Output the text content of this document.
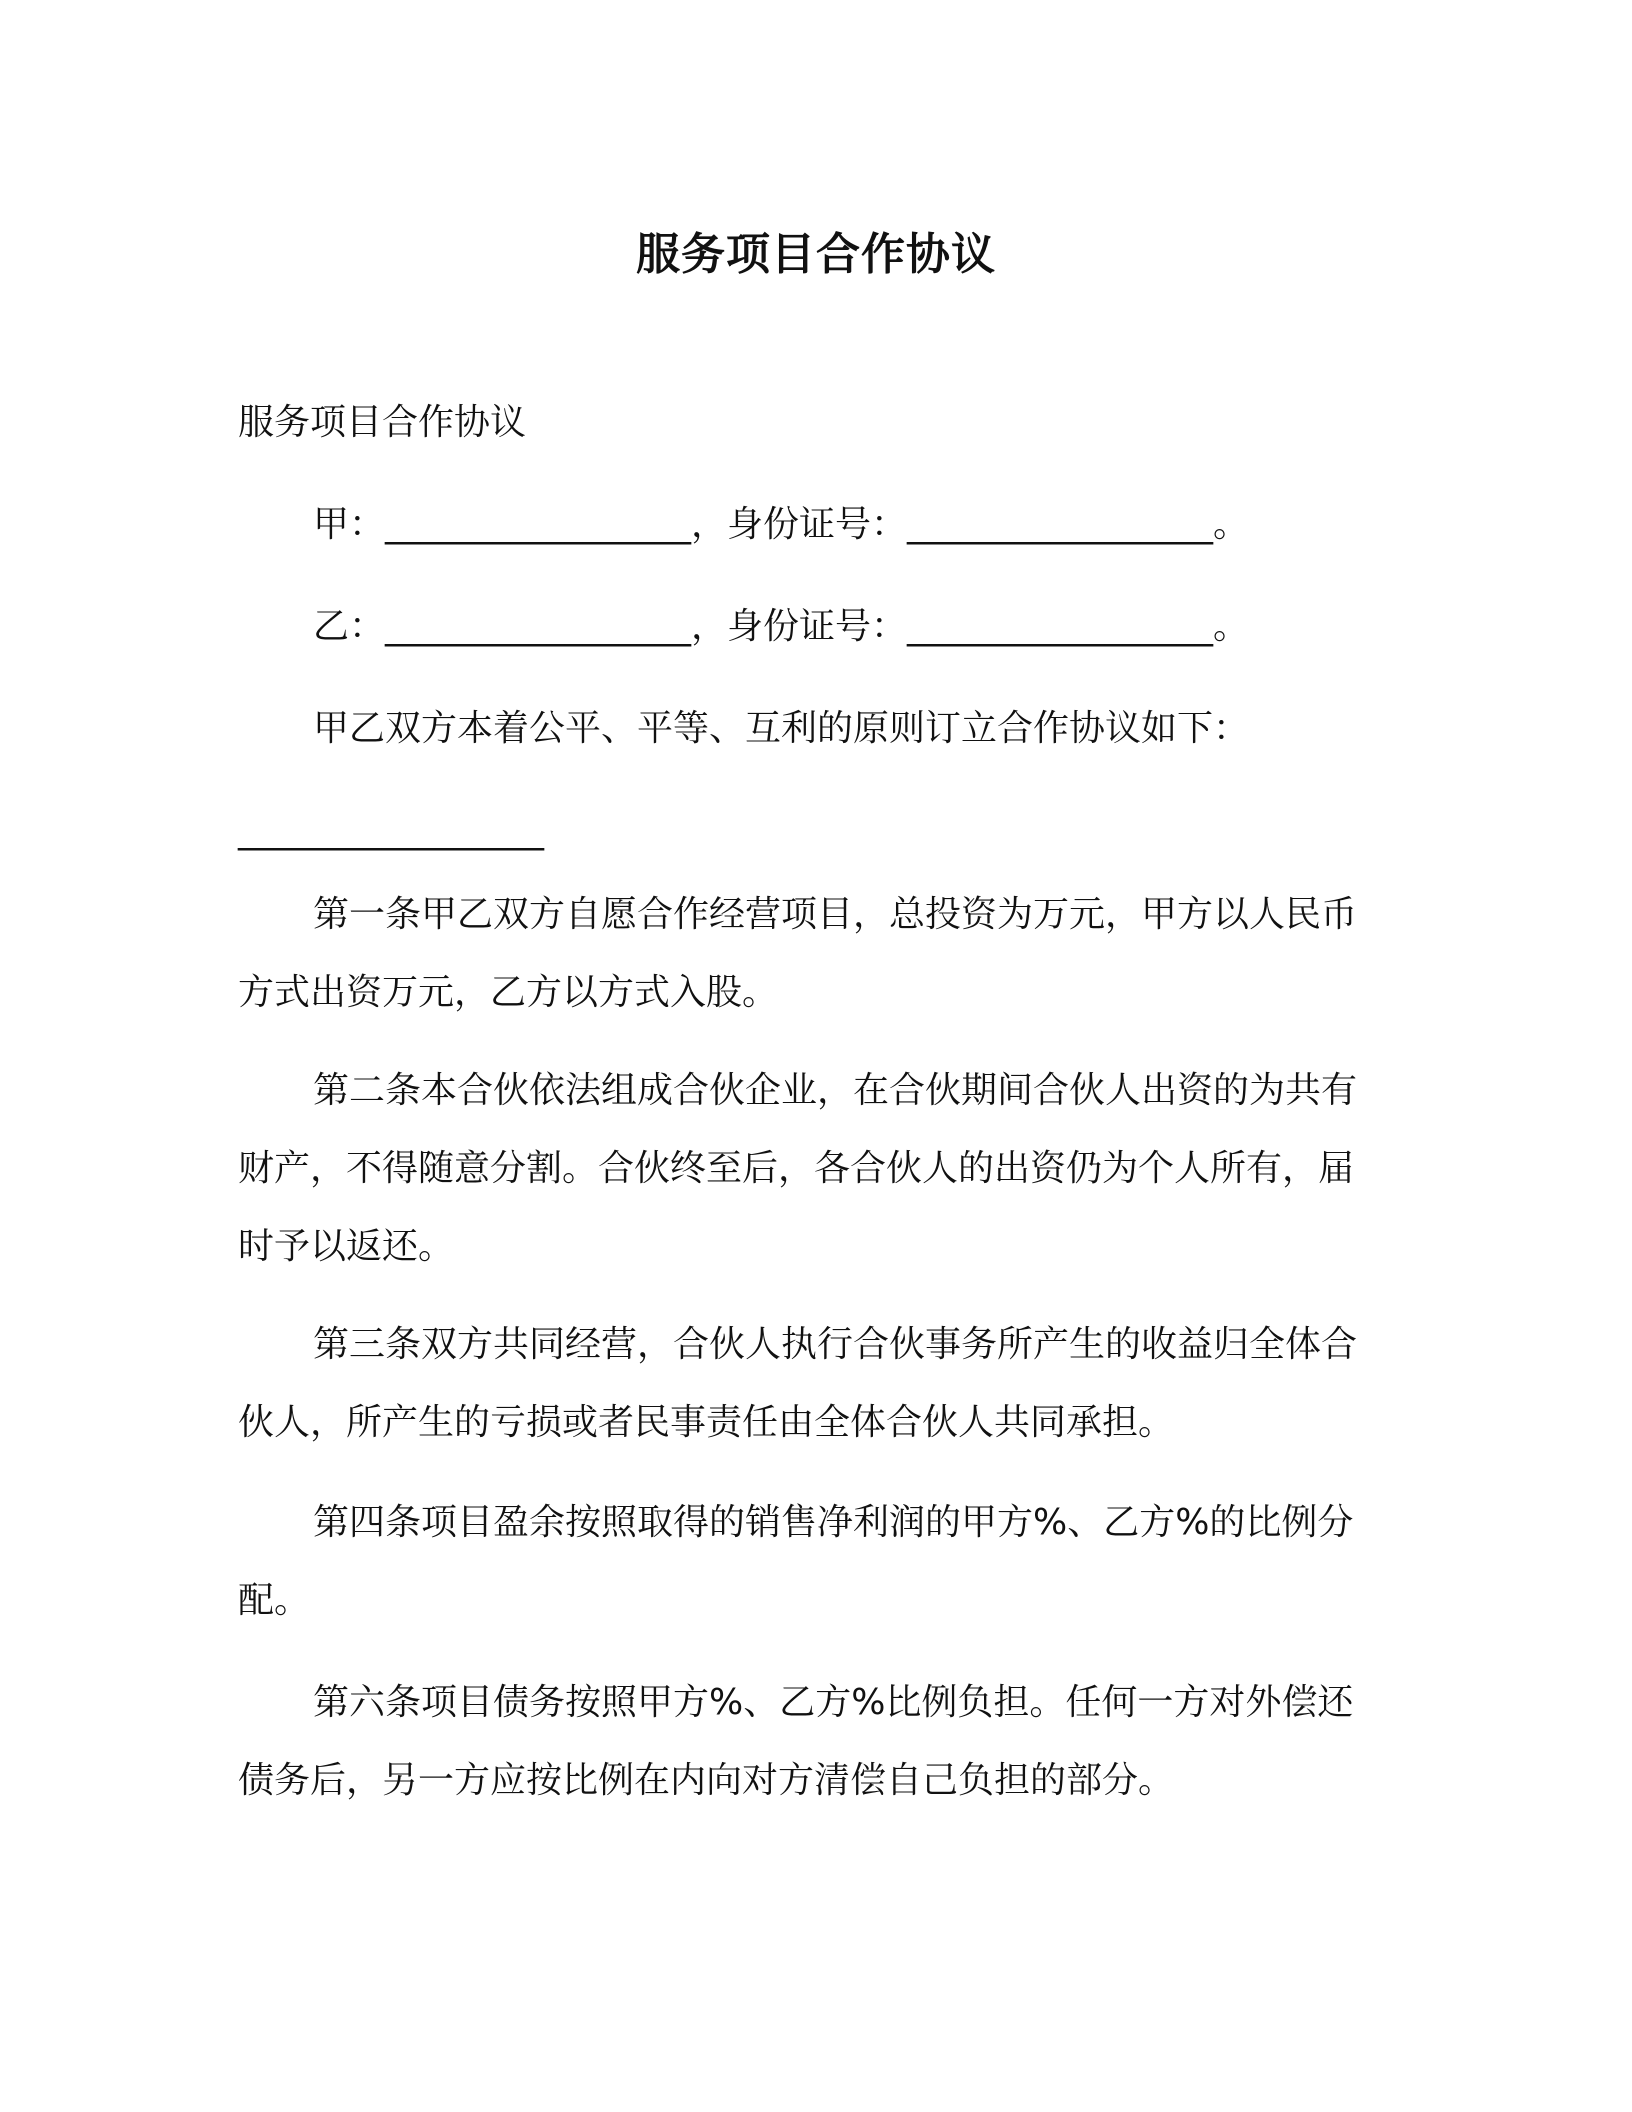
服务项目合作协议

服务项目合作协议

甲：_________________，身份证号：_________________。

乙：_________________，身份证号：_________________。

甲乙双方本着公平、平等、互利的原则订立合作协议如下：

_________________

第一条甲乙双方自愿合作经营项目，总投资为万元，甲方以人民币方式出资万元，乙方以方式入股。

第二条本合伙依法组成合伙企业，在合伙期间合伙人出资的为共有财产，不得随意分割。合伙终至后，各合伙人的出资仍为个人所有，届时予以返还。

第三条双方共同经营，合伙人执行合伙事务所产生的收益归全体合伙人，所产生的亏损或者民事责任由全体合伙人共同承担。

第四条项目盈余按照取得的销售净利润的甲方%、乙方%的比例分配。

第六条项目债务按照甲方%、乙方%比例负担。任何一方对外偿还债务后，另一方应按比例在内向对方清偿自己负担的部分。
